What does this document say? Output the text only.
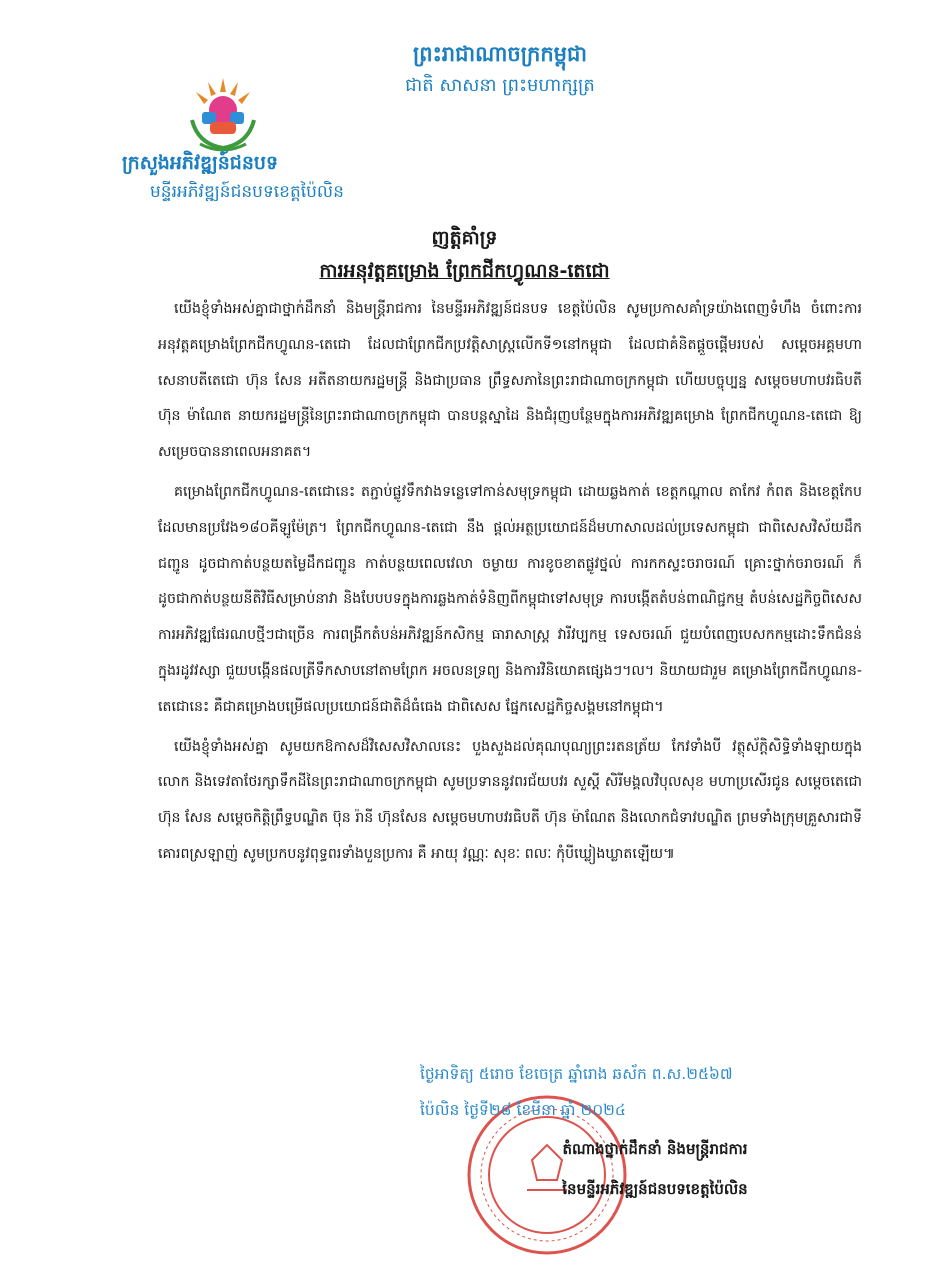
ព្រះរាជាណាចក្រកម្ពុជា
ជាតិ សាសនា ព្រះមហាក្សត្រ
ក្រសួងអភិវឌ្ឍន៍ជនបទ
មន្ទីរអភិវឌ្ឍន៍ជនបទខេត្តប៉ៃលិន
ញត្តិគាំទ្រ
ការអនុវត្តគម្រោង ព្រែកជីកហ្វូណន-តេជោ

យើងខ្ញុំទាំងអស់គ្នាជាថ្នាក់ដឹកនាំ និងមន្ត្រីរាជការ នៃមន្ទីរអភិវឌ្ឍន៍ជនបទ ខេត្តប៉ៃលិន សូមប្រកាសគាំទ្រយ៉ាងពេញទំហឹង ចំពោះការអនុវត្តគម្រោងព្រែកជីកហ្វូណន-តេជោ ដែលជាព្រែកជីកប្រវត្តិសាស្ត្រលើកទី១នៅកម្ពុជា ដែលជាគំនិតផ្តួចផ្តើមរបស់ សម្តេចអគ្គមហាសេនាបតីតេជោ ហ៊ុន សែន អតីតនាយករដ្ឋមន្ត្រី និងជាប្រធាន ព្រឹទ្ធសភានៃព្រះរាជាណាចក្រកម្ពុជា ហើយបច្ចុប្បន្ន សម្តេចមហាបវរធិបតី ហ៊ុន ម៉ាណែត នាយករដ្ឋមន្ត្រីនៃព្រះរាជាណាចក្រកម្ពុជា បានបន្តស្នាដៃ និងជំរុញបន្ថែមក្នុងការអភិវឌ្ឍគម្រោង ព្រែកជីកហ្វូណន-តេជោ ឱ្យសម្រេចបាននាពេលអនាគត។

គម្រោងព្រែកជីកហ្វូណន-តេជោនេះ តភ្ជាប់ផ្លូវទឹកវាងទន្លេទៅកាន់សមុទ្រកម្ពុជា ដោយឆ្លងកាត់ ខេត្តកណ្តាល តាកែវ កំពត និងខេត្តកែប ដែលមានប្រវែង១៨០គីឡូម៉ែត្រ។ ព្រែកជីកហ្វូណន-តេជោ នឹង ផ្តល់អត្ថប្រយោជន៍ដ៏មហាសាលដល់ប្រទេសកម្ពុជា ជាពិសេសវិស័យដឹកជញ្ជូន ដូចជាកាត់បន្ថយតម្លៃដឹកជញ្ជូន កាត់បន្ថយពេលវេលា ចម្ងាយ ការខូចខាតផ្លូវថ្នល់ ការកកស្ទះចរាចរណ៍ គ្រោះថ្នាក់ចរាចរណ៍ ក៏ដូចជាកាត់បន្ថយនីតិវិធីសម្រាប់នាវា និងបែបបទក្នុងការឆ្លងកាត់ទំនិញពីកម្ពុជាទៅសមុទ្រ ការបង្កើតតំបន់ពាណិជ្ជកម្ម តំបន់សេដ្ឋកិច្ចពិសេស ការអភិវឌ្ឍផែរណបថ្មីៗជាច្រើន ការពង្រីកតំបន់អភិវឌ្ឍន៍កសិកម្ម ធារាសាស្ត្រ វារីវប្បកម្ម ទេសចរណ៍ ជួយបំពេញបេសកកម្មដោះទឹកជំនន់ក្នុងរដូវវស្សា ជួយបង្កើនផលត្រីទឹកសាបនៅតាមព្រែក អចលនទ្រព្យ និងការវិនិយោគផ្សេងៗ។ល។ និយាយជារួម គម្រោងព្រែកជីកហ្វូណន-តេជោនេះ គឺជាគម្រោងបម្រើផលប្រយោជន៍ជាតិដ៏ធំធេង ជាពិសេស ផ្នែកសេដ្ឋកិច្ចសង្គមនៅកម្ពុជា។

យើងខ្ញុំទាំងអស់គ្នា សូមយកឱកាសដ៏វិសេសវិសាលនេះ បួងសួងដល់គុណបុណ្យព្រះរតនត្រ័យ កែវទាំងបី វត្ថុស័ក្តិសិទ្ធិទាំងឡាយក្នុងលោក និងទេវតាថែរក្សាទឹកដីនៃព្រះរាជាណាចក្រកម្ពុជា សូមប្រទាននូវពរជ័យបវរ សួស្តី សិរីមង្គលវិបុលសុខ មហាប្រសើរជូន សម្តេចតេជោ ហ៊ុន សែន សម្តេចកិត្តិព្រឹទ្ធបណ្ឌិត ប៊ុន រ៉ានី ហ៊ុនសែន សម្តេចមហាបវរធិបតី ហ៊ុន ម៉ាណែត និងលោកជំទាវបណ្ឌិត ព្រមទាំងក្រុមគ្រួសារជាទីគោរពស្រឡាញ់ សូមប្រកបនូវពុទ្ធពរទាំងបួនប្រការ គឺ អាយុ វណ្ណៈ សុខៈ ពលៈ កុំបីឃ្លៀងឃ្លាតឡើយ៕

ថ្ងៃអាទិត្យ ៥រោច ខែចេត្រ ឆ្នាំរោង ឆស័ក ព.ស.២៥៦៧
ប៉ៃលិន ថ្ងៃទី២៨ ខែមីនា ឆ្នាំ ២០២៤
តំណាងថ្នាក់ដឹកនាំ និងមន្ត្រីរាជការ
នៃមន្ទីរអភិវឌ្ឍន៍ជនបទខេត្តប៉ៃលិន
